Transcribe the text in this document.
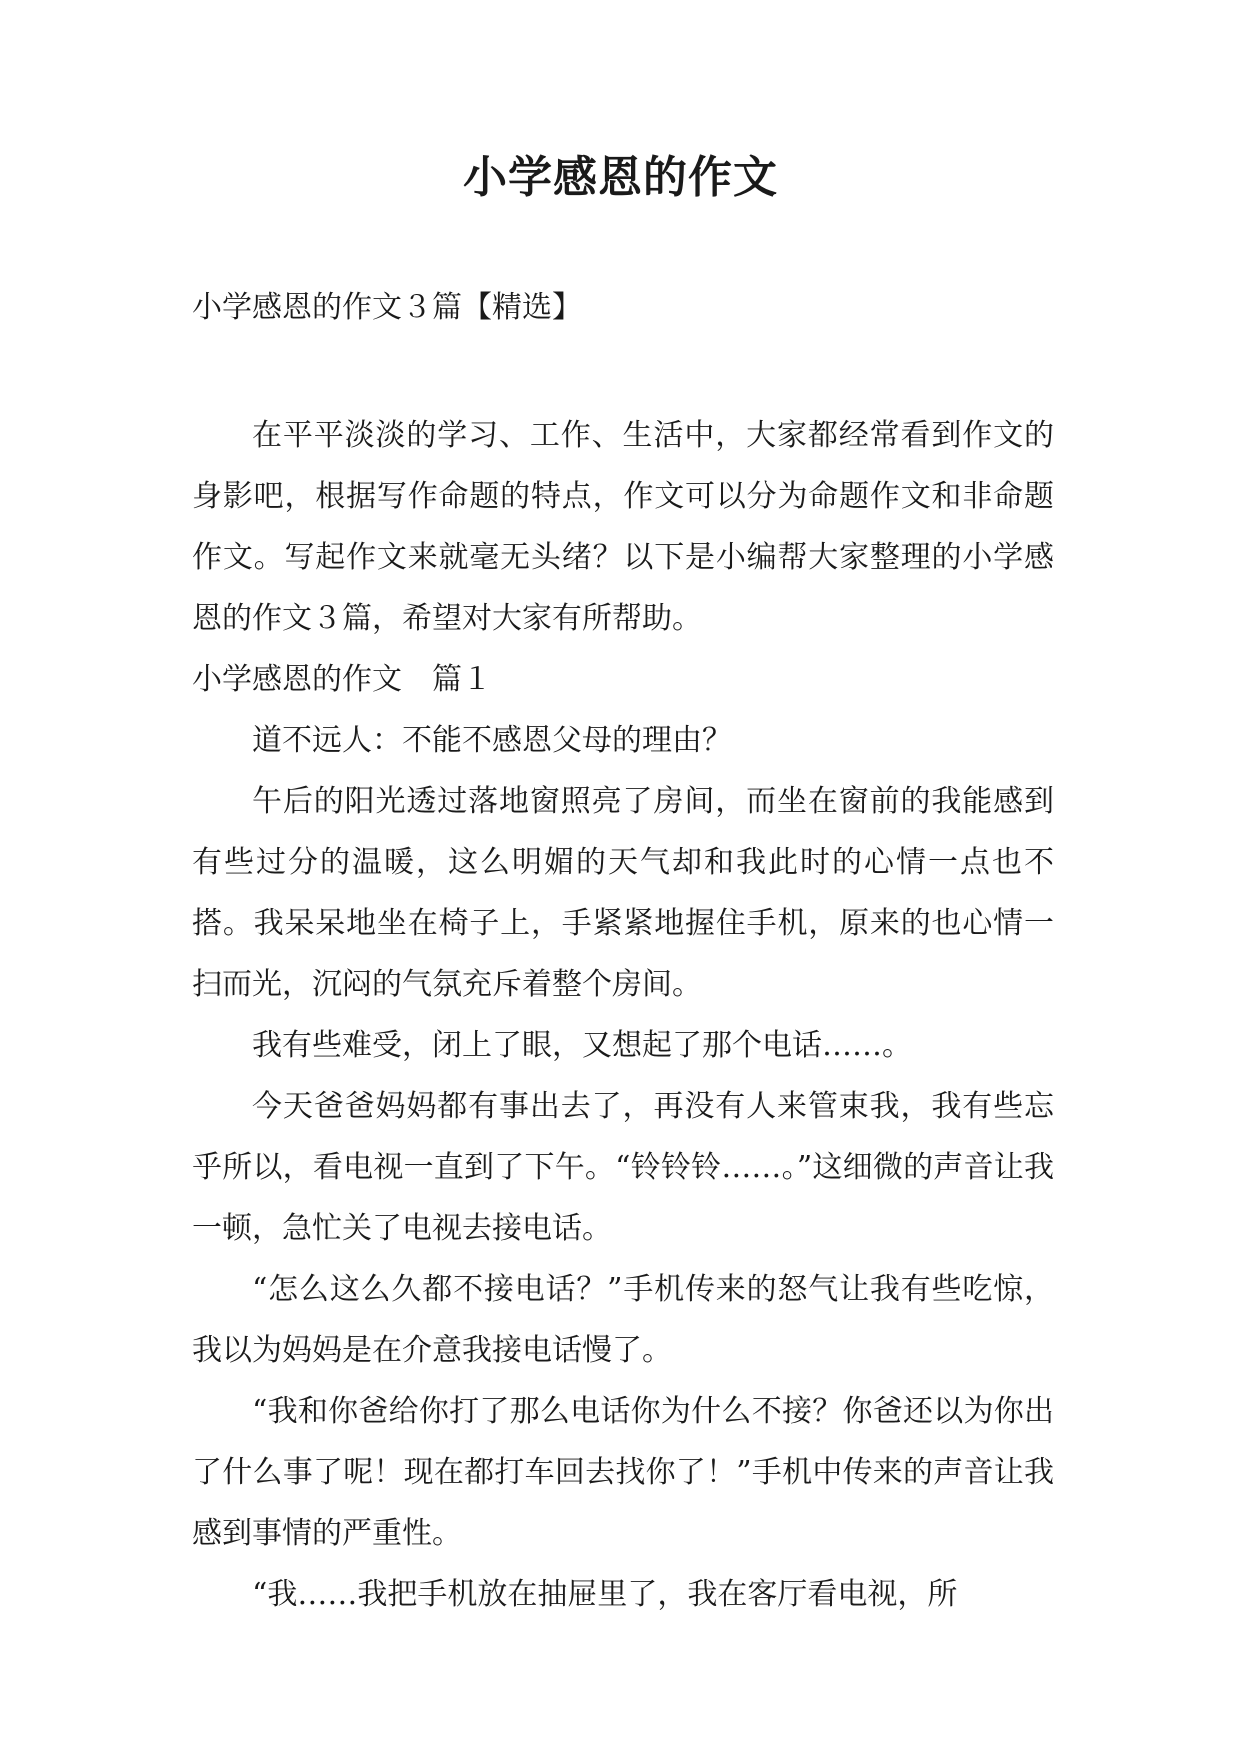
小学感恩的作文
小学感恩的作文３篇【精选】

在平平淡淡的学习、工作、生活中，大家都经常看到作文的身影吧，根据写作命题的特点，作文可以分为命题作文和非命题作文。写起作文来就毫无头绪？以下是小编帮大家整理的小学感恩的作文３篇，希望对大家有所帮助。

小学感恩的作文　篇１

道不远人：不能不感恩父母的理由？

午后的阳光透过落地窗照亮了房间，而坐在窗前的我能感到有些过分的温暖，这么明媚的天气却和我此时的心情一点也不搭。我呆呆地坐在椅子上，手紧紧地握住手机，原来的也心情一扫而光，沉闷的气氛充斥着整个房间。

我有些难受，闭上了眼，又想起了那个电话……。

今天爸爸妈妈都有事出去了，再没有人来管束我，我有些忘乎所以，看电视一直到了下午。“铃铃铃……。”这细微的声音让我一顿，急忙关了电视去接电话。

“怎么这么久都不接电话？”手机传来的怒气让我有些吃惊，我以为妈妈是在介意我接电话慢了。

“我和你爸给你打了那么电话你为什么不接？你爸还以为你出了什么事了呢！现在都打车回去找你了！”手机中传来的声音让我感到事情的严重性。

“我……我把手机放在抽屉里了，我在客厅看电视，所
